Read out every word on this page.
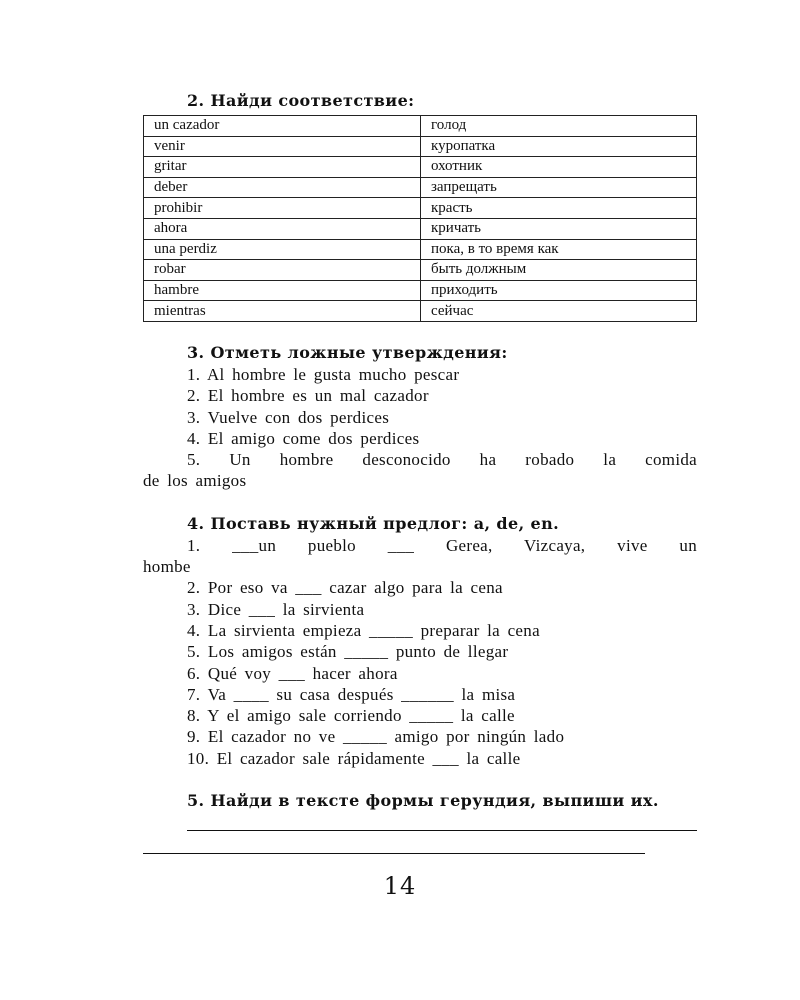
2. Найди соответствие:

un cazador	голод
venir	куропатка
gritar	охотник
deber	запрещать
prohibir	красть
ahora	кричать
una perdiz	пока, в то время как
robar	быть должным
hambre	приходить
mientras	сейчас

3. Отметь ложные утверждения:

1. Al hombre le gusta mucho pescar

2. El hombre es un mal cazador

3. Vuelve con dos perdices

4. El amigo come dos perdices

5. Un hombre desconocido ha robado la comida

de los amigos

4. Поставь нужный предлог: a, de, en.

1. ___un pueblo ___ Gerea, Vizcaya, vive un

hombe

2. Por eso va ___ cazar algo para la cena

3. Dice ___ la sirvienta

4. La sirvienta empieza _____ preparar la cena

5. Los amigos están _____ punto de llegar

6. Qué voy ___ hacer ahora

7. Va ____ su casa después ______ la misa

8. Y el amigo sale corriendo _____ la calle

9. El cazador no ve _____ amigo por ningún lado

10. El cazador sale rápidamente ___ la calle

5. Найди в тексте формы герундия, выпиши их.

14
